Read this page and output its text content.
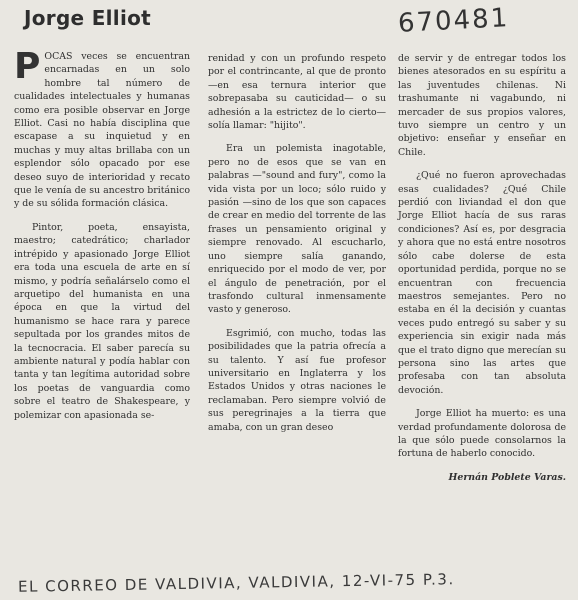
Jorge Elliot	670481

POCAS veces se encuentran encarnadas en un solo hombre tal número de cualidades intelectuales y humanas como era posible observar en Jorge Elliot. Casi no había disciplina que escapase a su inquietud y en muchas y muy altas brillaba con un esplendor sólo opacado por ese deseo suyo de interioridad y recato que le venía de su ancestro británico y de su sólida formación clásica.

Pintor, poeta, ensayista, maestro; catedrático; charlador intrépido y apasionado Jorge Elliot era toda una escuela de arte en sí mismo, y podría señalárselo como el arquetipo del humanista en una época en que la virtud del humanismo se hace rara y parece sepultada por los grandes mitos de la tecnocracia. El saber parecía su ambiente natural y podía hablar con tanta y tan legítima autoridad sobre los poetas de vanguardia como sobre el teatro de Shakespeare, y polemizar con apasionada se-

renidad y con un profundo respeto por el contrincante, al que de pronto —en esa ternura interior que sobrepasaba su cauticidad— o su adhesión a la estrictez de lo cierto— solía llamar: "hijito".

Era un polemista inagotable, pero no de esos que se van en palabras —"sound and fury", como la vida vista por un loco; sólo ruido y pasión —sino de los que son capaces de crear en medio del torrente de las frases un pensamiento original y siempre renovado. Al escucharlo, uno siempre salía ganando, enriquecido por el modo de ver, por el ángulo de penetración, por el trasfondo cultural inmensamente vasto y generoso.

Esgrimió, con mucho, todas las posibilidades que la patria ofrecía a su talento. Y así fue profesor universitario en Inglaterra y los Estados Unidos y otras naciones le reclamaban. Pero siempre volvió de sus peregrinajes a la tierra que amaba, con un gran deseo

de servir y de entregar todos los bienes atesorados en su espíritu a las juventudes chilenas. Ni trashumante ni vagabundo, ni mercader de sus propios valores, tuvo siempre un centro y un objetivo: enseñar y enseñar en Chile.

¿Qué no fueron aprovechadas esas cualidades? ¿Qué Chile perdió con liviandad el don que Jorge Elliot hacía de sus raras condiciones? Así es, por desgracia y ahora que no está entre nosotros sólo cabe dolerse de esta oportunidad perdida, porque no se encuentran con frecuencia maestros semejantes. Pero no estaba en él la decisión y cuantas veces pudo entregó su saber y su experiencia sin exigir nada más que el trato digno que merecían su persona sino las artes que profesaba con tan absoluta devoción.

Jorge Elliot ha muerto: es una verdad profundamente dolorosa de la que sólo puede consolarnos la fortuna de haberlo conocido.

Hernán Poblete Varas.
EL CORREO DE VALDIVIA, VALDIVIA, 12-VI-75 P.3.
